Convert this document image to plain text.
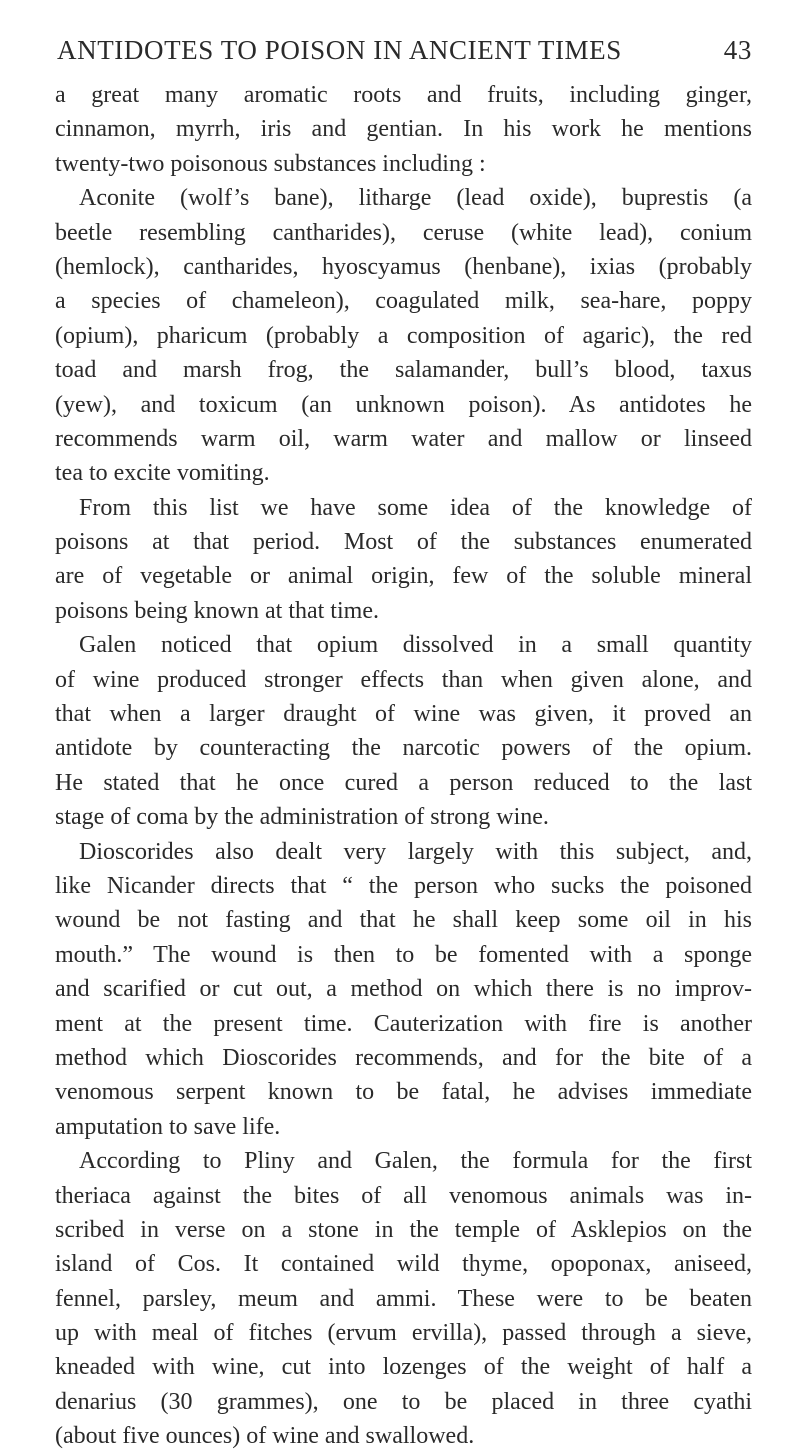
ANTIDOTES TO POISON IN ANCIENT TIMES	43
a great many aromatic roots and fruits, including ginger,
cinnamon, myrrh, iris and gentian. In his work he mentions
twenty-two poisonous substances including :
Aconite (wolf’s bane), litharge (lead oxide), buprestis (a
beetle resembling cantharides), ceruse (white lead), conium
(hemlock), cantharides, hyoscyamus (henbane), ixias (probably
a species of chameleon), coagulated milk, sea-hare, poppy
(opium), pharicum (probably a composition of agaric), the red
toad and marsh frog, the salamander, bull’s blood, taxus
(yew), and toxicum (an unknown poison). As antidotes he
recommends warm oil, warm water and mallow or linseed
tea to excite vomiting.
From this list we have some idea of the knowledge of
poisons at that period. Most of the substances enumerated
are of vegetable or animal origin, few of the soluble mineral
poisons being known at that time.
Galen noticed that opium dissolved in a small quantity
of wine produced stronger effects than when given alone, and
that when a larger draught of wine was given, it proved an
antidote by counteracting the narcotic powers of the opium.
He stated that he once cured a person reduced to the last
stage of coma by the administration of strong wine.
Dioscorides also dealt very largely with this subject, and,
like Nicander directs that “ the person who sucks the poisoned
wound be not fasting and that he shall keep some oil in his
mouth.” The wound is then to be fomented with a sponge
and scarified or cut out, a method on which there is no improv-
ment at the present time. Cauterization with fire is another
method which Dioscorides recommends, and for the bite of a
venomous serpent known to be fatal, he advises immediate
amputation to save life.
According to Pliny and Galen, the formula for the first
theriaca against the bites of all venomous animals was in-
scribed in verse on a stone in the temple of Asklepios on the
island of Cos. It contained wild thyme, opoponax, aniseed,
fennel, parsley, meum and ammi. These were to be beaten
up with meal of fitches (ervum ervilla), passed through a sieve,
kneaded with wine, cut into lozenges of the weight of half a
denarius (30 grammes), one to be placed in three cyathi
(about five ounces) of wine and swallowed.
